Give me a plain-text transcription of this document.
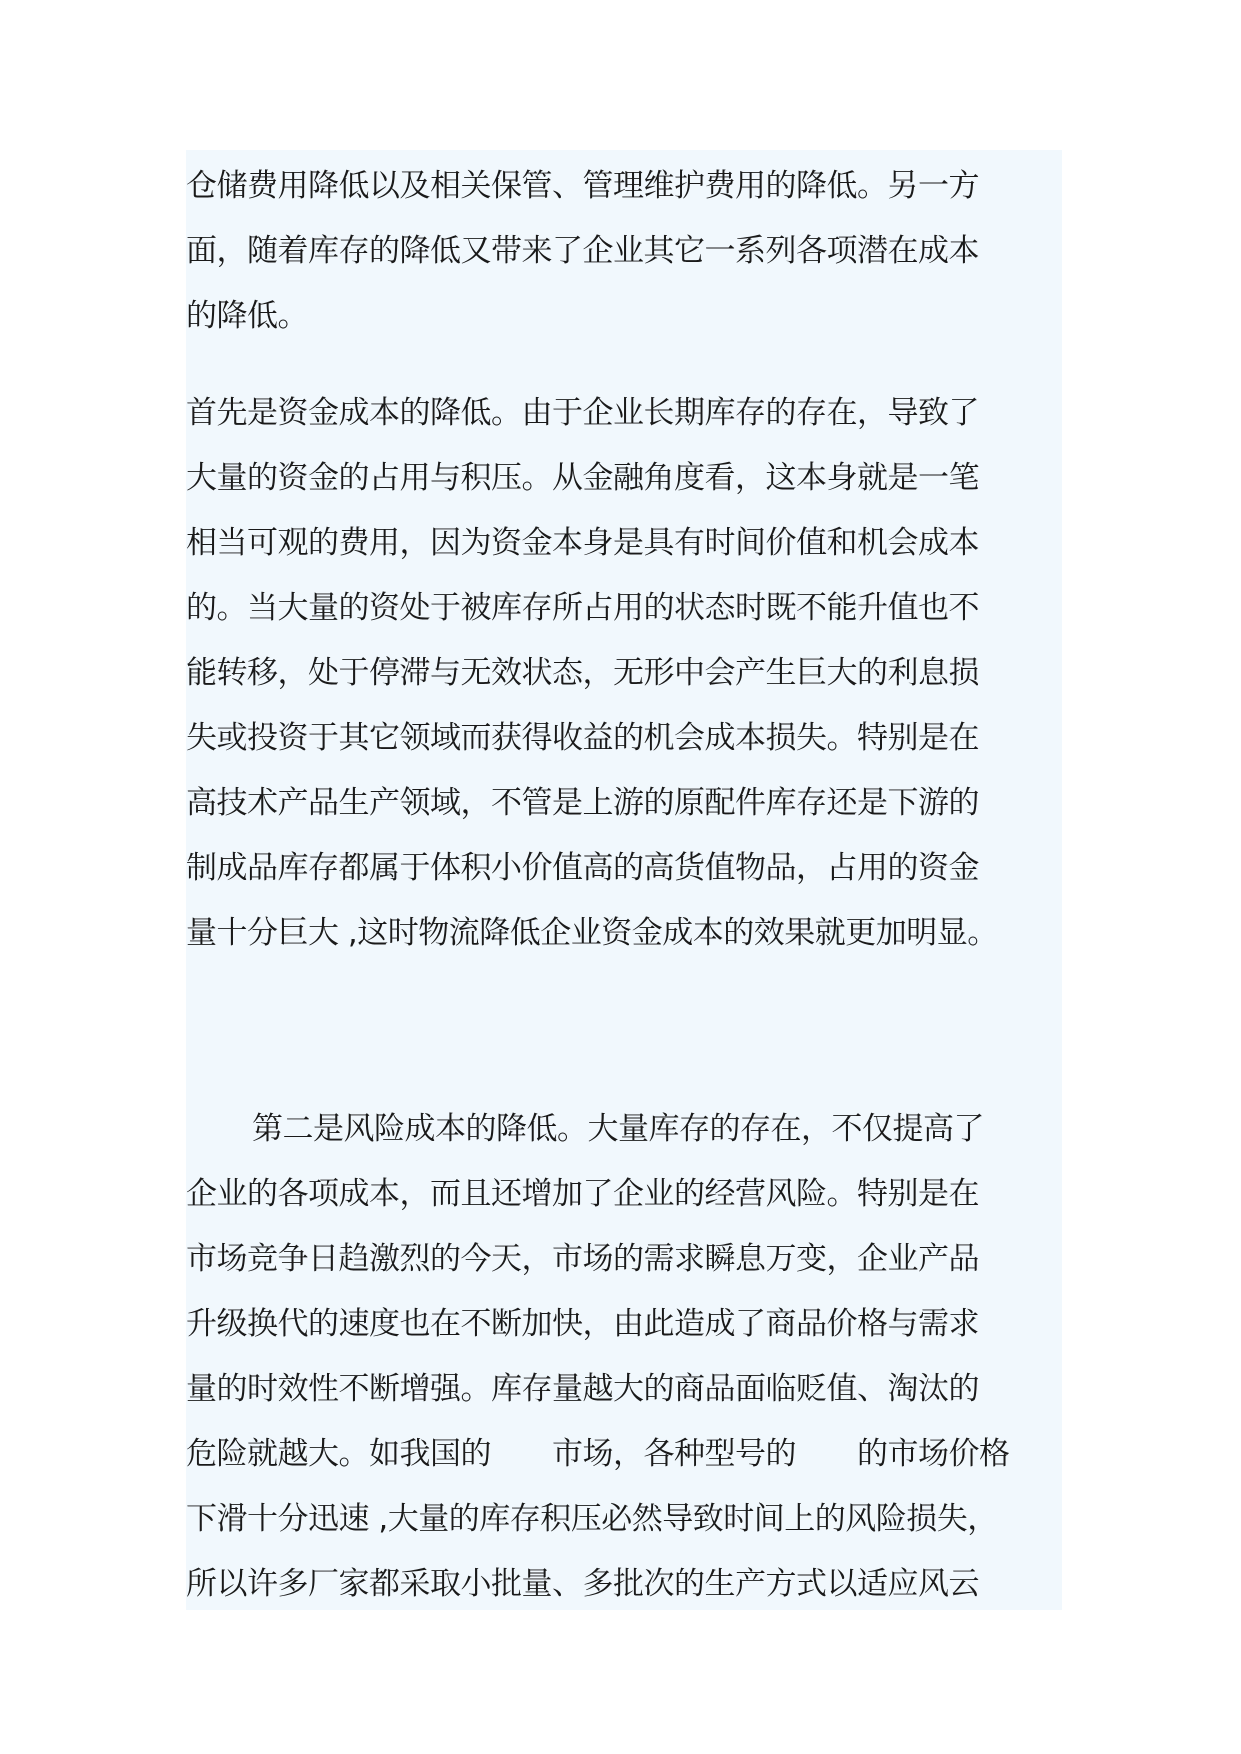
仓储费用降低以及相关保管、管理维护费用的降低。另一方
面，随着库存的降低又带来了企业其它一系列各项潜在成本
的降低。
首先是资金成本的降低。由于企业长期库存的存在，导致了
大量的资金的占用与积压。从金融角度看，这本身就是一笔
相当可观的费用，因为资金本身是具有时间价值和机会成本
的。当大量的资处于被库存所占用的状态时既不能升值也不
能转移，处于停滞与无效状态，无形中会产生巨大的利息损
失或投资于其它领域而获得收益的机会成本损失。特别是在
高技术产品生产领域，不管是上游的原配件库存还是下游的
制成品库存都属于体积小价值高的高货值物品，占用的资金
量十分巨大 ,这时物流降低企业资金成本的效果就更加明显。
第二是风险成本的降低。大量库存的存在，不仅提高了
企业的各项成本，而且还增加了企业的经营风险。特别是在
市场竞争日趋激烈的今天，市场的需求瞬息万变，企业产品
升级换代的速度也在不断加快，由此造成了商品价格与需求
量的时效性不断增强。库存量越大的商品面临贬值、淘汰的
危险就越大。如我国的　　市场，各种型号的　　的市场价格
下滑十分迅速 ,大量的库存积压必然导致时间上的风险损失，
所以许多厂家都采取小批量、多批次的生产方式以适应风云
